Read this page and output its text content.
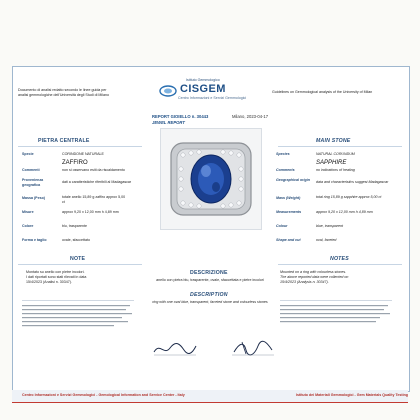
Documento di analisi redatto secondo le linee guida per
analisi gemmologiche dell'Università degli Studi di Milano
Istituto Gemmologico
CISGEM
Centro Informazioni e Servizi Gemmologici
Guidelines on Gemmological analysis of the University of Milan
REPORT GIOIELLO n. 30443	Milano, 2023-04-17
JEWEL REPORT
PIETRA CENTRALE
Specie	CORINDONE NATURALE
ZAFFIRO
Commenti	non si osservano esiti da riscaldamento
Provenienza geografica
dati a caratteristiche riferibili al Madagascar
Massa (Peso)	totale anello 15,89 g zaffiro approx 5,00 ct
Misure	approx 9,20 x 12,00 mm h 4,89 mm
Colore	blu, trasparente
Forma e taglio	ovale, sfaccettato
NOTE
Montato su anello con pietre incolori.
I dati riportati sono stati rilevati in data
15/4/2023 (Analisi n. 30347).
DESCRIZIONE
anello con pietra blu, trasparente, ovale, sfaccettata e pietre incolori
DESCRIPTION
ring with one oval blue, transparent, faceted stone and colourless stones
MAIN STONE
Species	NATURAL CORUNDUM
SAPPHIRE
Comments	no indications of heating
Geographical origin	data and characteristics suggest Madagascar
Mass (Weight)	total ring 15,89 g sapphire approx 5,00 ct
Measurements	approx 9,20 x 12,00 mm h 4,89 mm
Colour	blue, transparent
Shape and cut	oval, faceted
NOTES
Mounted on a ring with colourless stones.
The above reported data were collected on
15/4/2023 (Analysis n. 30347).
Centro Informazioni e Servizi Gemmologici - Gemological Information and Service Center - Italy	Istituto dei Materiali Gemmologici - Gem Materials Quality Testing
